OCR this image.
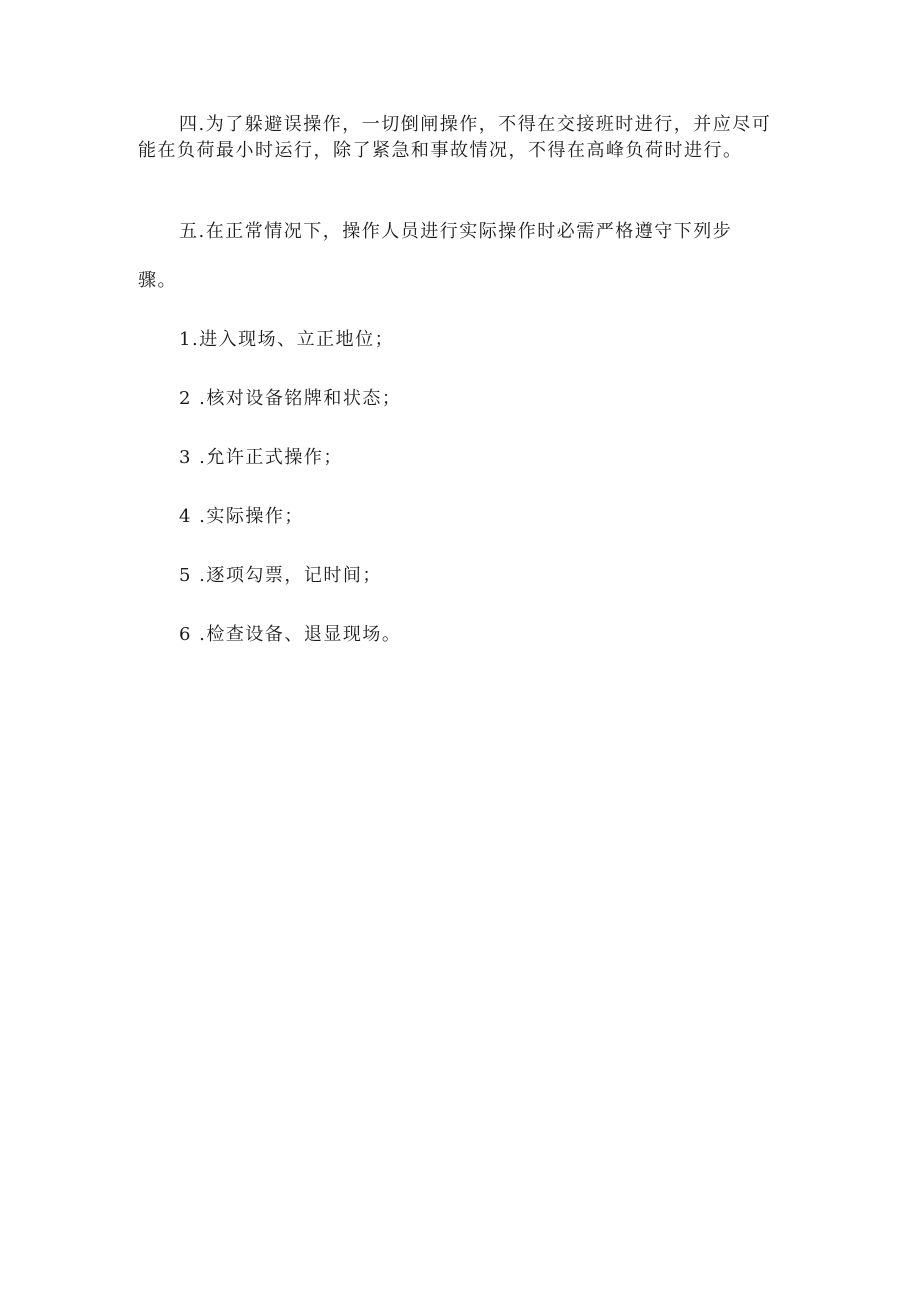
四.为了躲避误操作，一切倒闸操作，不得在交接班时进行，并应尽可能在负荷最小时运行，除了紧急和事故情况，不得在高峰负荷时进行。

五.在正常情况下，操作人员进行实际操作时必需严格遵守下列步

骤。

1.进入现场、立正地位；

2 .核对设备铭牌和状态；

3 .允许正式操作；

4 .实际操作；

5 .逐项勾票，记时间；

6 .检查设备、退显现场。
